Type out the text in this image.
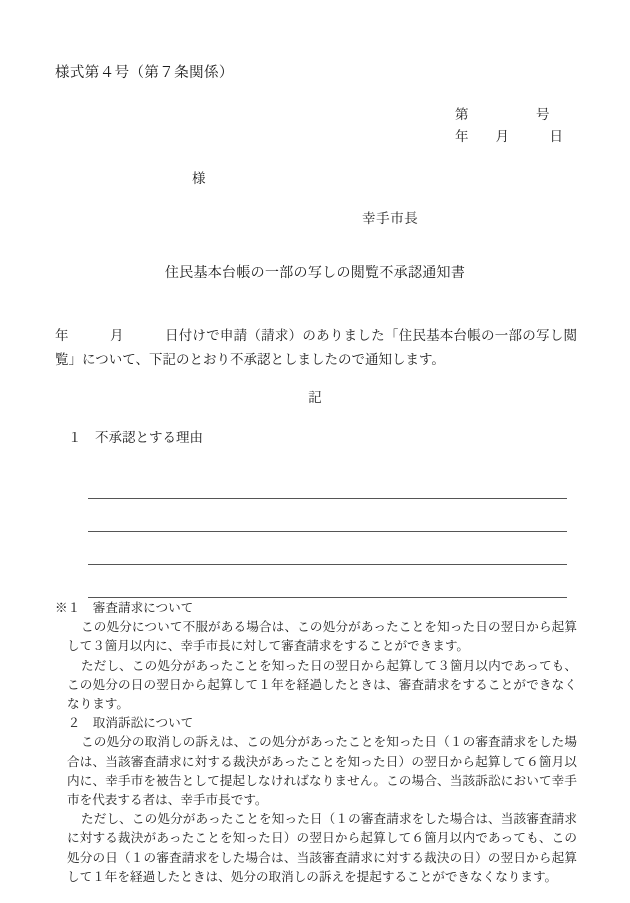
様式第４号（第７条関係）
第　　　　　号
年　　月　　　日
様
幸手市長
住民基本台帳の一部の写しの閲覧不承認通知書
年　　　月　　　日付けで申請（請求）のありました「住民基本台帳の一部の写し閲覧」について、下記のとおり不承認としましたので通知します。
記
１　不承認とする理由
※１　審査請求について
この処分について不服がある場合は、この処分があったことを知った日の翌日から起算して３箇月以内に、幸手市長に対して審査請求をすることができます。
ただし、この処分があったことを知った日の翌日から起算して３箇月以内であっても、この処分の日の翌日から起算して１年を経過したときは、審査請求をすることができなくなります。
　２　取消訴訟について
この処分の取消しの訴えは、この処分があったことを知った日（１の審査請求をした場合は、当該審査請求に対する裁決があったことを知った日）の翌日から起算して６箇月以内に、幸手市を被告として提起しなければなりません。この場合、当該訴訟において幸手市を代表する者は、幸手市長です。
ただし、この処分があったことを知った日（１の審査請求をした場合は、当該審査請求に対する裁決があったことを知った日）の翌日から起算して６箇月以内であっても、この処分の日（１の審査請求をした場合は、当該審査請求に対する裁決の日）の翌日から起算して１年を経過したときは、処分の取消しの訴えを提起することができなくなります。
